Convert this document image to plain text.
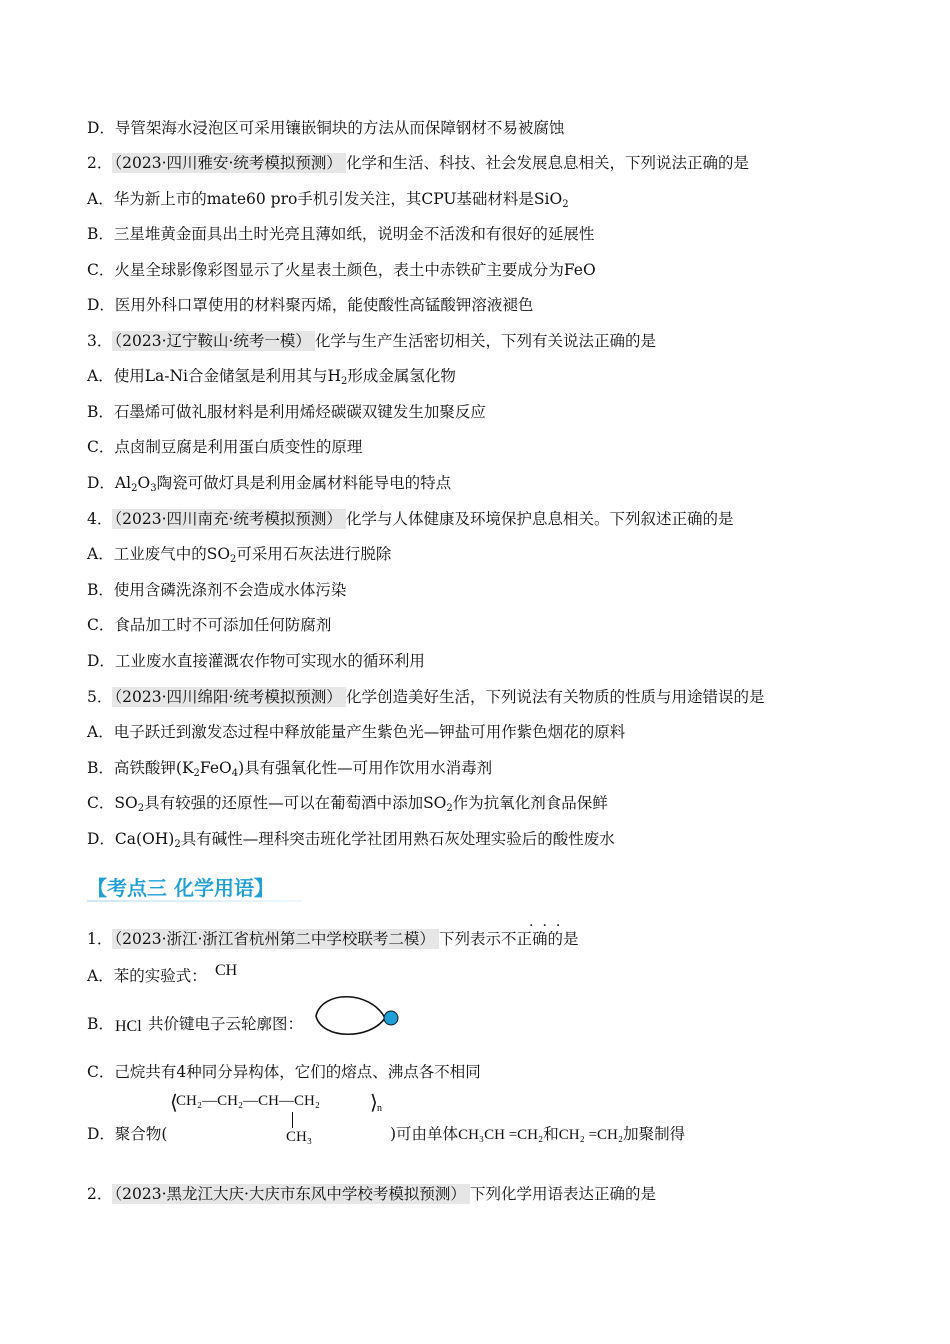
D．导管架海水浸泡区可采用镶嵌铜块的方法从而保障钢材不易被腐蚀
2． （2023·四川雅安·统考模拟预测） 化学和生活、科技、社会发展息息相关，下列说法正确的是
A．华为新上市的mate60 pro手机引发关注，其CPU基础材料是SiO$_2$
B．三星堆黄金面具出土时光亮且薄如纸，说明金不活泼和有很好的延展性
C．火星全球影像彩图显示了火星表土颜色，表土中赤铁矿主要成分为FeO
D．医用外科口罩使用的材料聚丙烯，能使酸性高锰酸钾溶液褪色
3． （2023·辽宁鞍山·统考一模） 化学与生产生活密切相关，下列有关说法正确的是
A．使用La-Ni合金储氢是利用其与$H_2$形成金属氢化物
B．石墨烯可做礼服材料是利用烯烃碳碳双键发生加聚反应
C．点卤制豆腐是利用蛋白质变性的原理
D．$Al_2O_3$陶瓷可做灯具是利用金属材料能导电的特点
4． （2023·四川南充·统考模拟预测） 化学与人体健康及环境保护息息相关。下列叙述正确的是
A．工业废气中的$SO_2$可采用石灰法进行脱除
B．使用含磷洗涤剂不会造成水体污染
C．食品加工时不可添加任何防腐剂
D．工业废水直接灌溉农作物可实现水的循环利用
5． （2023·四川绵阳·统考模拟预测） 化学创造美好生活，下列说法有关物质的性质与用途错误的是
A．电子跃迁到激发态过程中释放能量产生紫色光—钾盐可用作紫色烟花的原料
B．高铁酸钾$(K_2FeO_4)$具有强氧化性—可用作饮用水消毒剂
C．$SO_2$具有较强的还原性—可以在葡萄酒中添加$SO_2$作为抗氧化剂食品保鲜
D．$Ca(OH)_2$具有碱性—理科突击班化学社团用熟石灰处理实验后的酸性废水
【考点三 化学用语】
···
1． （2023·浙江·浙江省杭州第二中学校联考二模） 下列表示不正确的是
A．苯的实验式： CH
B． HCl 共价键电子云轮廓图：
C．己烷共有4种同分异构体，它们的熔点、沸点各不相同
⟨
CH₂—CH₂—CH—CH₂ ⟩ n
CH₃
D．聚合物(	)可由单体CH₃CH =CH₂和CH₂ =CH₂加聚制得
2． （2023·黑龙江大庆·大庆市东风中学校考模拟预测） 下列化学用语表达正确的是
